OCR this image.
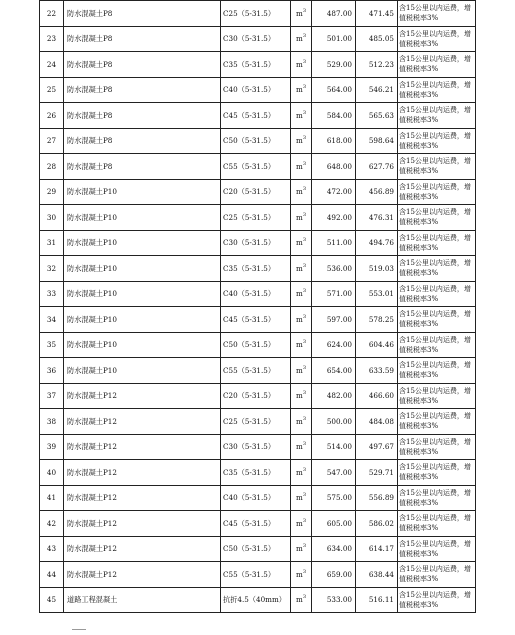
22	防水混凝土P8	C25（5-31.5）	$m^3$	487.00	471.45	含15公里以内运费，增值税税率3%
23	防水混凝土P8	C30（5-31.5）	$m^3$	501.00	485.05	含15公里以内运费，增值税税率3%
24	防水混凝土P8	C35（5-31.5）	$m^3$	529.00	512.23	含15公里以内运费，增值税税率3%
25	防水混凝土P8	C40（5-31.5）	$m^3$	564.00	546.21	含15公里以内运费，增值税税率3%
26	防水混凝土P8	C45（5-31.5）	$m^3$	584.00	565.63	含15公里以内运费，增值税税率3%
27	防水混凝土P8	C50（5-31.5）	$m^3$	618.00	598.64	含15公里以内运费，增值税税率3%
28	防水混凝土P8	C55（5-31.5）	$m^3$	648.00	627.76	含15公里以内运费，增值税税率3%
29	防水混凝土P10	C20（5-31.5）	$m^3$	472.00	456.89	含15公里以内运费，增值税税率3%
30	防水混凝土P10	C25（5-31.5）	$m^3$	492.00	476.31	含15公里以内运费，增值税税率3%
31	防水混凝土P10	C30（5-31.5）	$m^3$	511.00	494.76	含15公里以内运费，增值税税率3%
32	防水混凝土P10	C35（5-31.5）	$m^3$	536.00	519.03	含15公里以内运费，增值税税率3%
33	防水混凝土P10	C40（5-31.5）	$m^3$	571.00	553.01	含15公里以内运费，增值税税率3%
34	防水混凝土P10	C45（5-31.5）	$m^3$	597.00	578.25	含15公里以内运费，增值税税率3%
35	防水混凝土P10	C50（5-31.5）	$m^3$	624.00	604.46	含15公里以内运费，增值税税率3%
36	防水混凝土P10	C55（5-31.5）	$m^3$	654.00	633.59	含15公里以内运费，增值税税率3%
37	防水混凝土P12	C20（5-31.5）	$m^3$	482.00	466.60	含15公里以内运费，增值税税率3%
38	防水混凝土P12	C25（5-31.5）	$m^3$	500.00	484.08	含15公里以内运费，增值税税率3%
39	防水混凝土P12	C30（5-31.5）	$m^3$	514.00	497.67	含15公里以内运费，增值税税率3%
40	防水混凝土P12	C35（5-31.5）	$m^3$	547.00	529.71	含15公里以内运费，增值税税率3%
41	防水混凝土P12	C40（5-31.5）	$m^3$	575.00	556.89	含15公里以内运费，增值税税率3%
42	防水混凝土P12	C45（5-31.5）	$m^3$	605.00	586.02	含15公里以内运费，增值税税率3%
43	防水混凝土P12	C50（5-31.5）	$m^3$	634.00	614.17	含15公里以内运费，增值税税率3%
44	防水混凝土P12	C55（5-31.5）	$m^3$	659.00	638.44	含15公里以内运费，增值税税率3%
45	道路工程混凝土	抗折4.5（40mm）	$m^3$	533.00	516.11	含15公里以内运费，增值税税率3%
